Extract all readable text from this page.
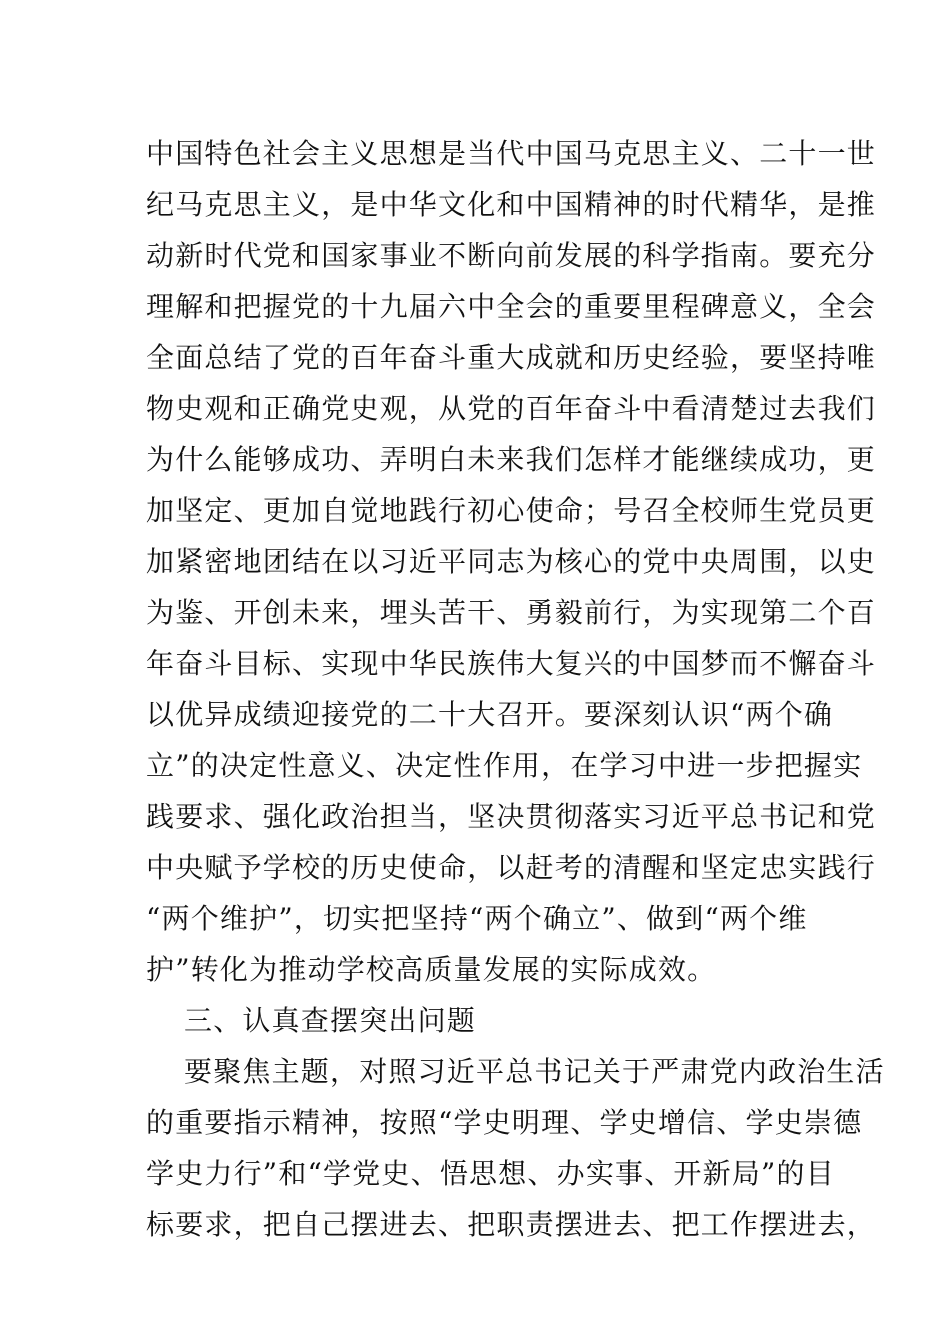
中国特色社会主义思想是当代中国马克思主义、二十一世
纪马克思主义，是中华文化和中国精神的时代精华，是推
动新时代党和国家事业不断向前发展的科学指南。要充分
理解和把握党的十九届六中全会的重要里程碑意义，全会
全面总结了党的百年奋斗重大成就和历史经验，要坚持唯
物史观和正确党史观，从党的百年奋斗中看清楚过去我们
为什么能够成功、弄明白未来我们怎样才能继续成功，更
加坚定、更加自觉地践行初心使命；号召全校师生党员更
加紧密地团结在以习近平同志为核心的党中央周围，以史
为鉴、开创未来，埋头苦干、勇毅前行，为实现第二个百
年奋斗目标、实现中华民族伟大复兴的中国梦而不懈奋斗
以优异成绩迎接党的二十大召开。要深刻认识“两个确
立”的决定性意义、决定性作用，在学习中进一步把握实
践要求、强化政治担当，坚决贯彻落实习近平总书记和党
中央赋予学校的历史使命，以赶考的清醒和坚定忠实践行
“两个维护”，切实把坚持“两个确立”、做到“两个维
护”转化为推动学校高质量发展的实际成效。
三、认真查摆突出问题
要聚焦主题，对照习近平总书记关于严肃党内政治生活
的重要指示精神，按照“学史明理、学史增信、学史崇德
学史力行”和“学党史、悟思想、办实事、开新局”的目
标要求，把自己摆进去、把职责摆进去、把工作摆进去，
